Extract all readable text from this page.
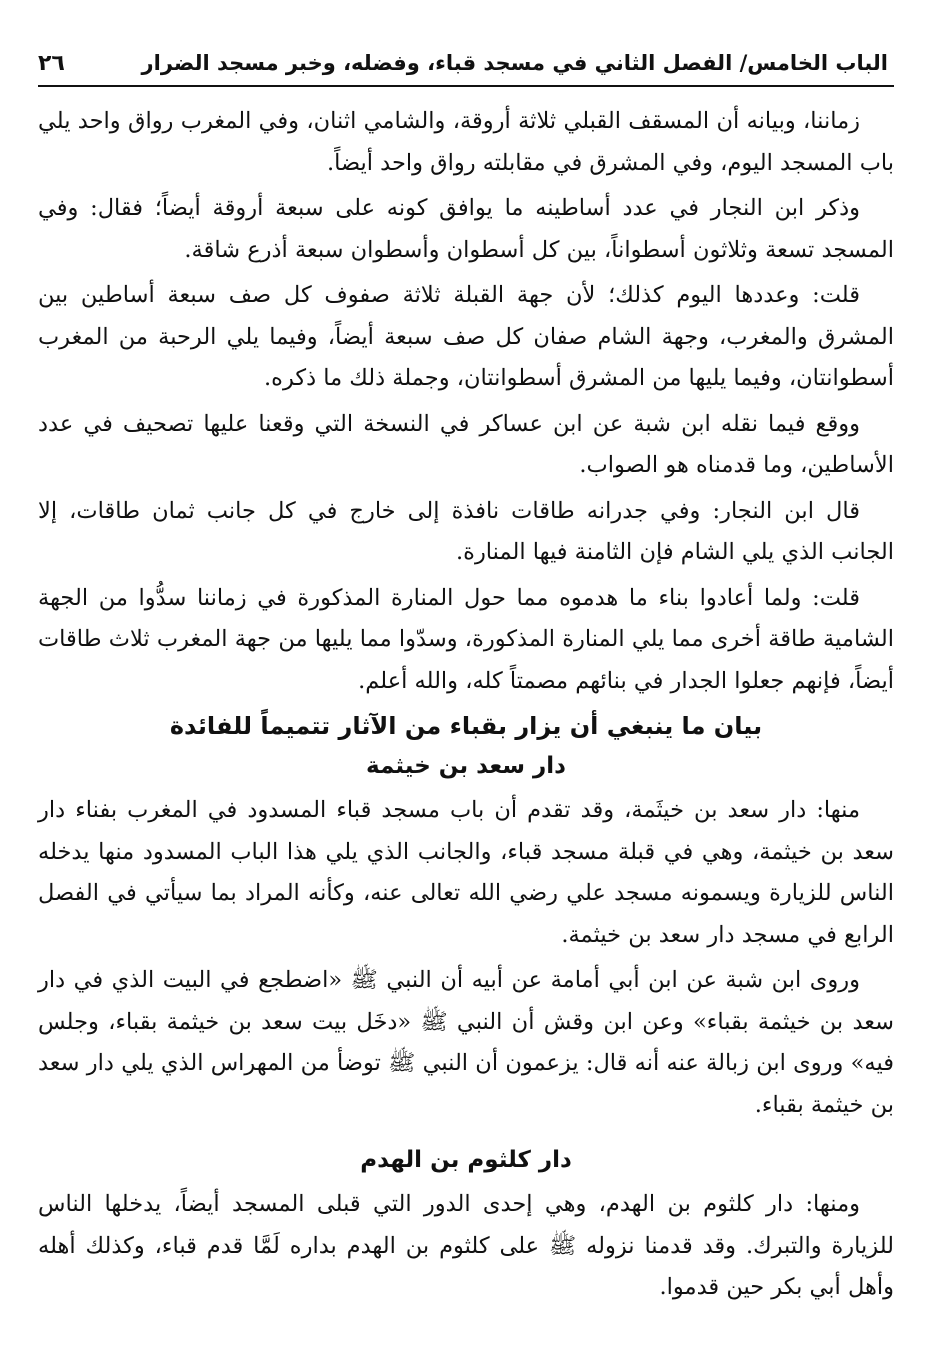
الباب الخامس/ الفصل الثاني في مسجد قباء، وفضله، وخبر مسجد الضرار
٢٦

زماننا، وبيانه أن المسقف القبلي ثلاثة أروقة، والشامي اثنان، وفي المغرب رواق واحد يلي باب المسجد اليوم، وفي المشرق في مقابلته رواق واحد أيضاً.

وذكر ابن النجار في عدد أساطينه ما يوافق كونه على سبعة أروقة أيضاً؛ فقال: وفي المسجد تسعة وثلاثون أسطواناً، بين كل أسطوان وأسطوان سبعة أذرع شاقة.

قلت: وعددها اليوم كذلك؛ لأن جهة القبلة ثلاثة صفوف كل صف سبعة أساطين بين المشرق والمغرب، وجهة الشام صفان كل صف سبعة أيضاً، وفيما يلي الرحبة من المغرب أسطوانتان، وفيما يليها من المشرق أسطوانتان، وجملة ذلك ما ذكره.

ووقع فيما نقله ابن شبة عن ابن عساكر في النسخة التي وقعنا عليها تصحيف في عدد الأساطين، وما قدمناه هو الصواب.

قال ابن النجار: وفي جدرانه طاقات نافذة إلى خارج في كل جانب ثمان طاقات، إلا الجانب الذي يلي الشام فإن الثامنة فيها المنارة.

قلت: ولما أعادوا بناء ما هدموه مما حول المنارة المذكورة في زماننا سدُّوا من الجهة الشامية طاقة أخرى مما يلي المنارة المذكورة، وسدّوا مما يليها من جهة المغرب ثلاث طاقات أيضاً، فإنهم جعلوا الجدار في بنائهم مصمتاً كله، والله أعلم.

بيان ما ينبغي أن يزار بقباء من الآثار تتميماً للفائدة
دار سعد بن خيثمة

منها: دار سعد بن خيثَمة، وقد تقدم أن باب مسجد قباء المسدود في المغرب بفناء دار سعد بن خيثمة، وهي في قبلة مسجد قباء، والجانب الذي يلي هذا الباب المسدود منها يدخله الناس للزيارة ويسمونه مسجد علي رضي الله تعالى عنه، وكأنه المراد بما سيأتي في الفصل الرابع في مسجد دار سعد بن خيثمة.

وروى ابن شبة عن ابن أبي أمامة عن أبيه أن النبي ﷺ «اضطجع في البيت الذي في دار سعد بن خيثمة بقباء» وعن ابن وقش أن النبي ﷺ «دخَل بيت سعد بن خيثمة بقباء، وجلس فيه» وروى ابن زبالة عنه أنه قال: يزعمون أن النبي ﷺ توضأ من المهراس الذي يلي دار سعد بن خيثمة بقباء.

دار كلثوم بن الهدم

ومنها: دار كلثوم بن الهدم، وهي إحدى الدور التي قبلى المسجد أيضاً، يدخلها الناس للزيارة والتبرك. وقد قدمنا نزوله ﷺ على كلثوم بن الهدم بداره لَمَّا قدم قباء، وكذلك أهله وأهل أبي بكر حين قدموا.
